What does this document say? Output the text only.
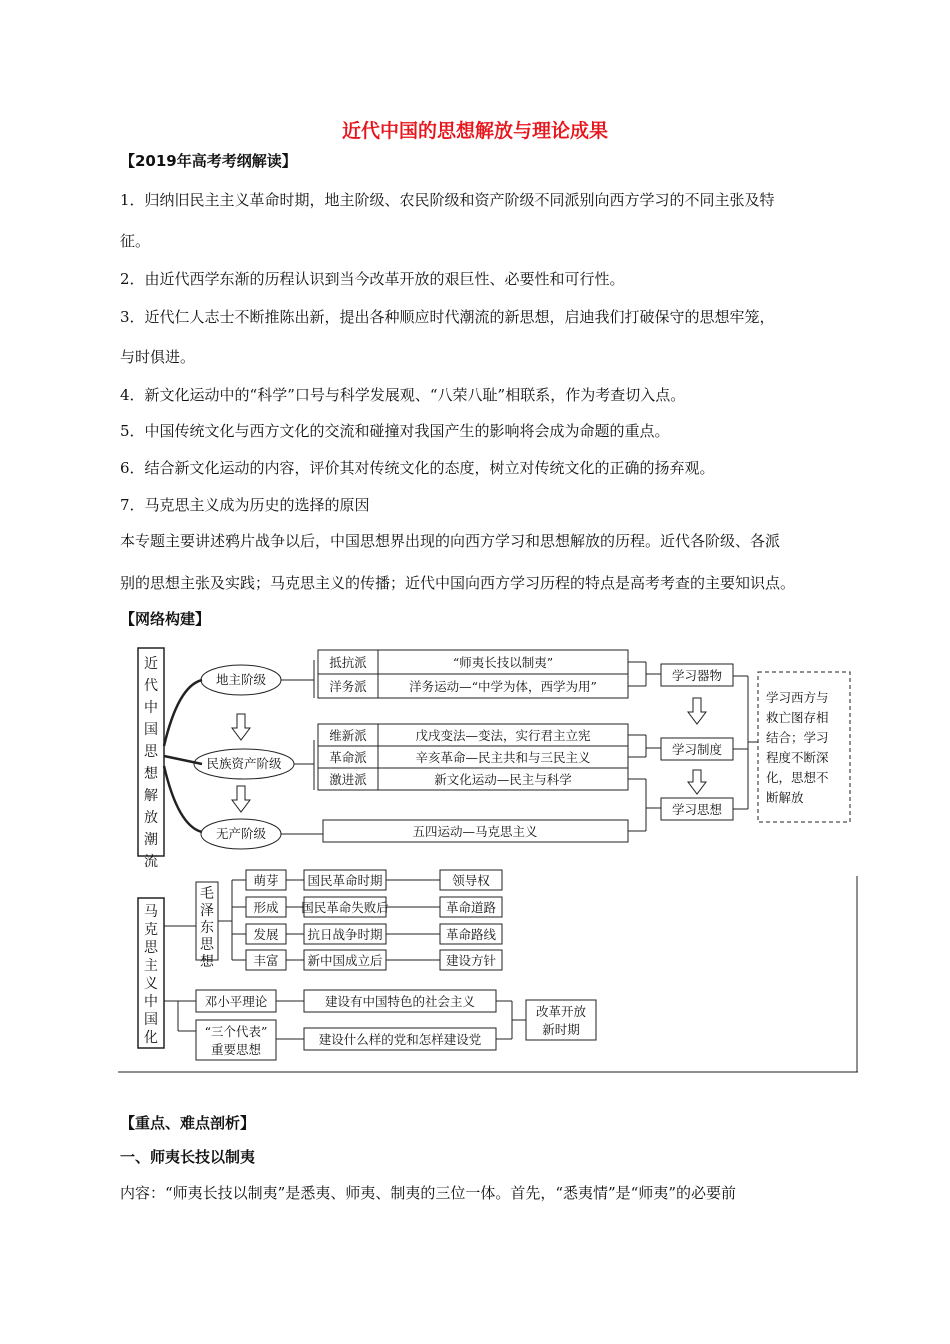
近代中国的思想解放与理论成果
【2019年高考考纲解读】
1．归纳旧民主主义革命时期，地主阶级、农民阶级和资产阶级不同派别向西方学习的不同主张及特
征。
2．由近代西学东渐的历程认识到当今改革开放的艰巨性、必要性和可行性。
3．近代仁人志士不断推陈出新，提出各种顺应时代潮流的新思想，启迪我们打破保守的思想牢笼，
与时俱进。
4．新文化运动中的“科学”口号与科学发展观、“八荣八耻”相联系，作为考查切入点。
5．中国传统文化与西方文化的交流和碰撞对我国产生的影响将会成为命题的重点。
6．结合新文化运动的内容，评价其对传统文化的态度，树立对传统文化的正确的扬弃观。
7．马克思主义成为历史的选择的原因
本专题主要讲述鸦片战争以后，中国思想界出现的向西方学习和思想解放的历程。近代各阶级、各派
别的思想主张及实践；马克思主义的传播；近代中国向西方学习历程的特点是高考考查的主要知识点。
【网络构建】
近 代 中 国 思 想 解 放 潮 流
地主阶级
民族资产阶级
无产阶级
抵抗派	“师夷长技以制夷”
洋务派	洋务运动—“中学为体，西学为用”
维新派	戊戌变法—变法，实行君主立宪
革命派	辛亥革命—民主共和与三民主义
激进派	新文化运动—民主与科学
五四运动—马克思主义
学习器物
学习制度
学习思想
学习西方与 救亡图存相 结合；学习 程度不断深 化，思想不 断解放
马 克 思 主 义 中 国 化
毛 泽 东 思 想
萌芽 国民革命时期	领导权
形成 国民革命失败后	革命道路
发展 抗日战争时期	革命路线
丰富 新中国成立后	建设方针
邓小平理论	建设有中国特色的社会主义
“三个代表”
重要思想
建设什么样的党和怎样建设党
改革开放
新时期
【重点、难点剖析】
一、师夷长技以制夷
内容：“师夷长技以制夷”是悉夷、师夷、制夷的三位一体。首先，“悉夷情”是“师夷”的必要前
